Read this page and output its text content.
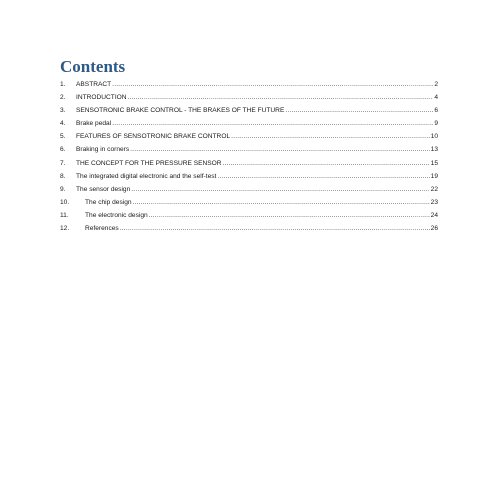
Contents
1.	ABSTRACT .....	2
2.	INTRODUCTION .....	4
3.	SENSOTRONIC BRAKE CONTROL - THE BRAKES OF THE FUTURE .....	6
4.	Brake pedal .....	9
5.	FEATURES OF SENSOTRONIC BRAKE CONTROL .....	10
6.	Braking in corners .....	13
7.	THE CONCEPT FOR THE PRESSURE SENSOR .....	15
8.	The integrated digital electronic and the self-test .....	19
9.	The sensor design .....	22
10.	The chip design .....	23
11.	The electronic design .....	24
12.	References .....	26
